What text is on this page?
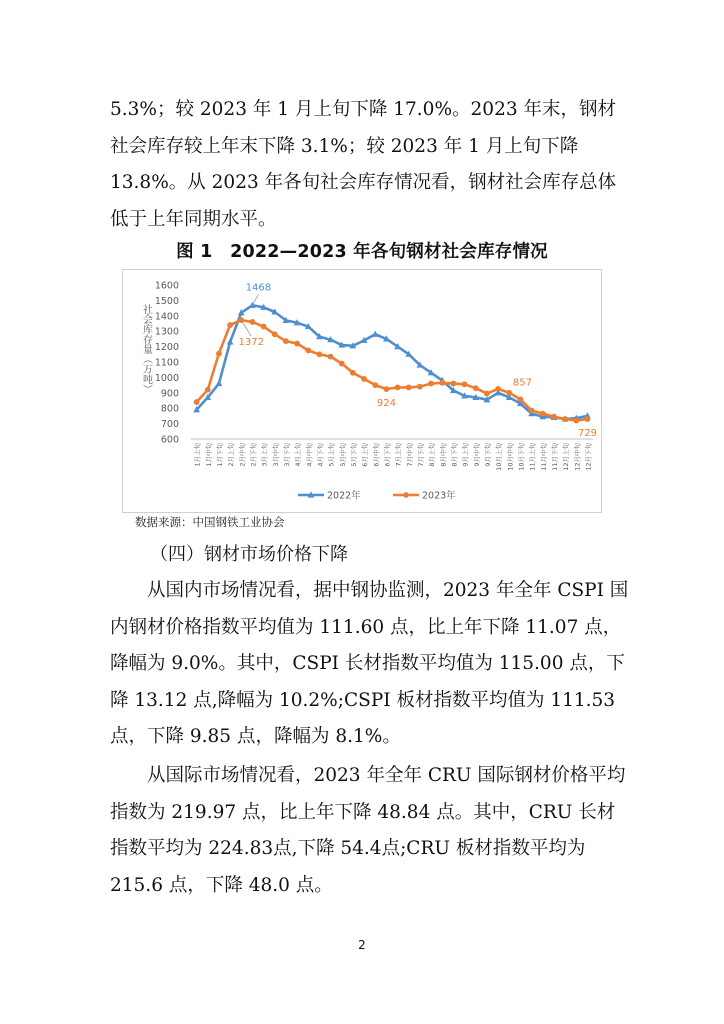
5.3%；较 2023 年 1 月上旬下降 17.0%。2023 年末，钢材社会库存较上年末下降 3.1%；较 2023 年 1 月上旬下降 13.8%。从 2023 年各旬社会库存情况看，钢材社会库存总体低于上年同期水平。

图 1　2022—2023 年各旬钢材社会库存情况
600
700
800
900
1000
1100
1200
1300
1400
1500
1600
社会库存量（万吨）
1月上旬 1月中旬 1月下旬 2月上旬 2月中旬 2月下旬 3月上旬 3月中旬 3月下旬 4月上旬 4月中旬 4月下旬 5月上旬 5月中旬 5月下旬 6月上旬 6月中旬 6月下旬 7月上旬 7月中旬 7月下旬 8月上旬 8月中旬 8月下旬 9月上旬 9月中旬 9月下旬 10月上旬 10月中旬 10月下旬 11月上旬 11月中旬 11月下旬 12月上旬 12月中旬 12月下旬
1468
1372
924
857
729
2022年	2023年
数据来源：中国钢铁工业协会
（四）钢材市场价格下降

从国内市场情况看，据中钢协监测，2023 年全年 CSPI 国内钢材价格指数平均值为 111.60 点，比上年下降 11.07 点，降幅为 9.0%。其中，CSPI 长材指数平均值为 115.00 点，下降 13.12 点,降幅为 10.2%;CSPI 板材指数平均值为 111.53 点，下降 9.85 点，降幅为 8.1%。

从国际市场情况看，2023 年全年 CRU 国际钢材价格平均指数为 219.97 点，比上年下降 48.84 点。其中，CRU 长材指数平均为 224.83点,下降 54.4点;CRU 板材指数平均为 215.6 点，下降 48.0 点。

2
